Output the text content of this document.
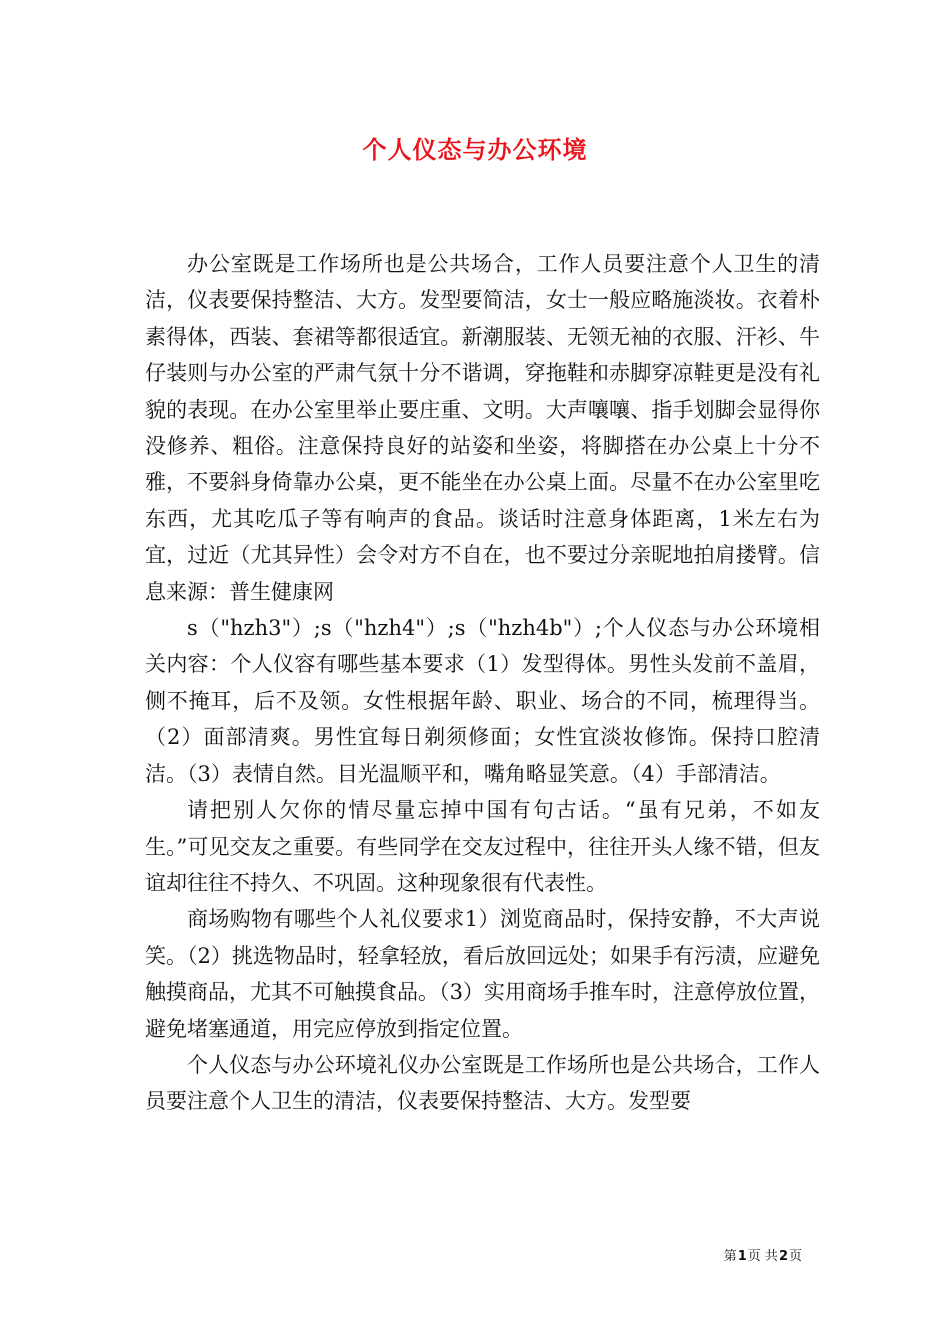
个人仪态与办公环境

办公室既是工作场所也是公共场合，工作人员要注意个人卫生的清洁，仪表要保持整洁、大方。发型要简洁，女士一般应略施淡妆。衣着朴素得体，西装、套裙等都很适宜。新潮服装、无领无袖的衣服、汗衫、牛仔装则与办公室的严肃气氛十分不谐调，穿拖鞋和赤脚穿凉鞋更是没有礼貌的表现。在办公室里举止要庄重、文明。大声嚷嚷、指手划脚会显得你没修养、粗俗。注意保持良好的站姿和坐姿，将脚搭在办公桌上十分不雅，不要斜身倚靠办公桌，更不能坐在办公桌上面。尽量不在办公室里吃东西，尤其吃瓜子等有响声的食品。谈话时注意身体距离，1米左右为宜，过近（尤其异性）会令对方不自在，也不要过分亲昵地拍肩搂臂。信息来源：普生健康网

s（"hzh3"）;s（"hzh4"）;s（"hzh4b"）;个人仪态与办公环境相关内容：个人仪容有哪些基本要求（1）发型得体。男性头发前不盖眉，侧不掩耳，后不及领。女性根据年龄、职业、场合的不同，梳理得当。（2）面部清爽。男性宜每日剃须修面；女性宜淡妆修饰。保持口腔清洁。（3）表情自然。目光温顺平和，嘴角略显笑意。（4）手部清洁。

请把别人欠你的情尽量忘掉中国有句古话。“虽有兄弟，不如友生。”可见交友之重要。有些同学在交友过程中，往往开头人缘不错，但友谊却往往不持久、不巩固。这种现象很有代表性。

商场购物有哪些个人礼仪要求1）浏览商品时，保持安静，不大声说笑。（2）挑选物品时，轻拿轻放，看后放回远处；如果手有污渍，应避免触摸商品，尤其不可触摸食品。（3）实用商场手推车时，注意停放位置，避免堵塞通道，用完应停放到指定位置。

个人仪态与办公环境礼仪办公室既是工作场所也是公共场合，工作人员要注意个人卫生的清洁，仪表要保持整洁、大方。发型要

第1页 共2页
